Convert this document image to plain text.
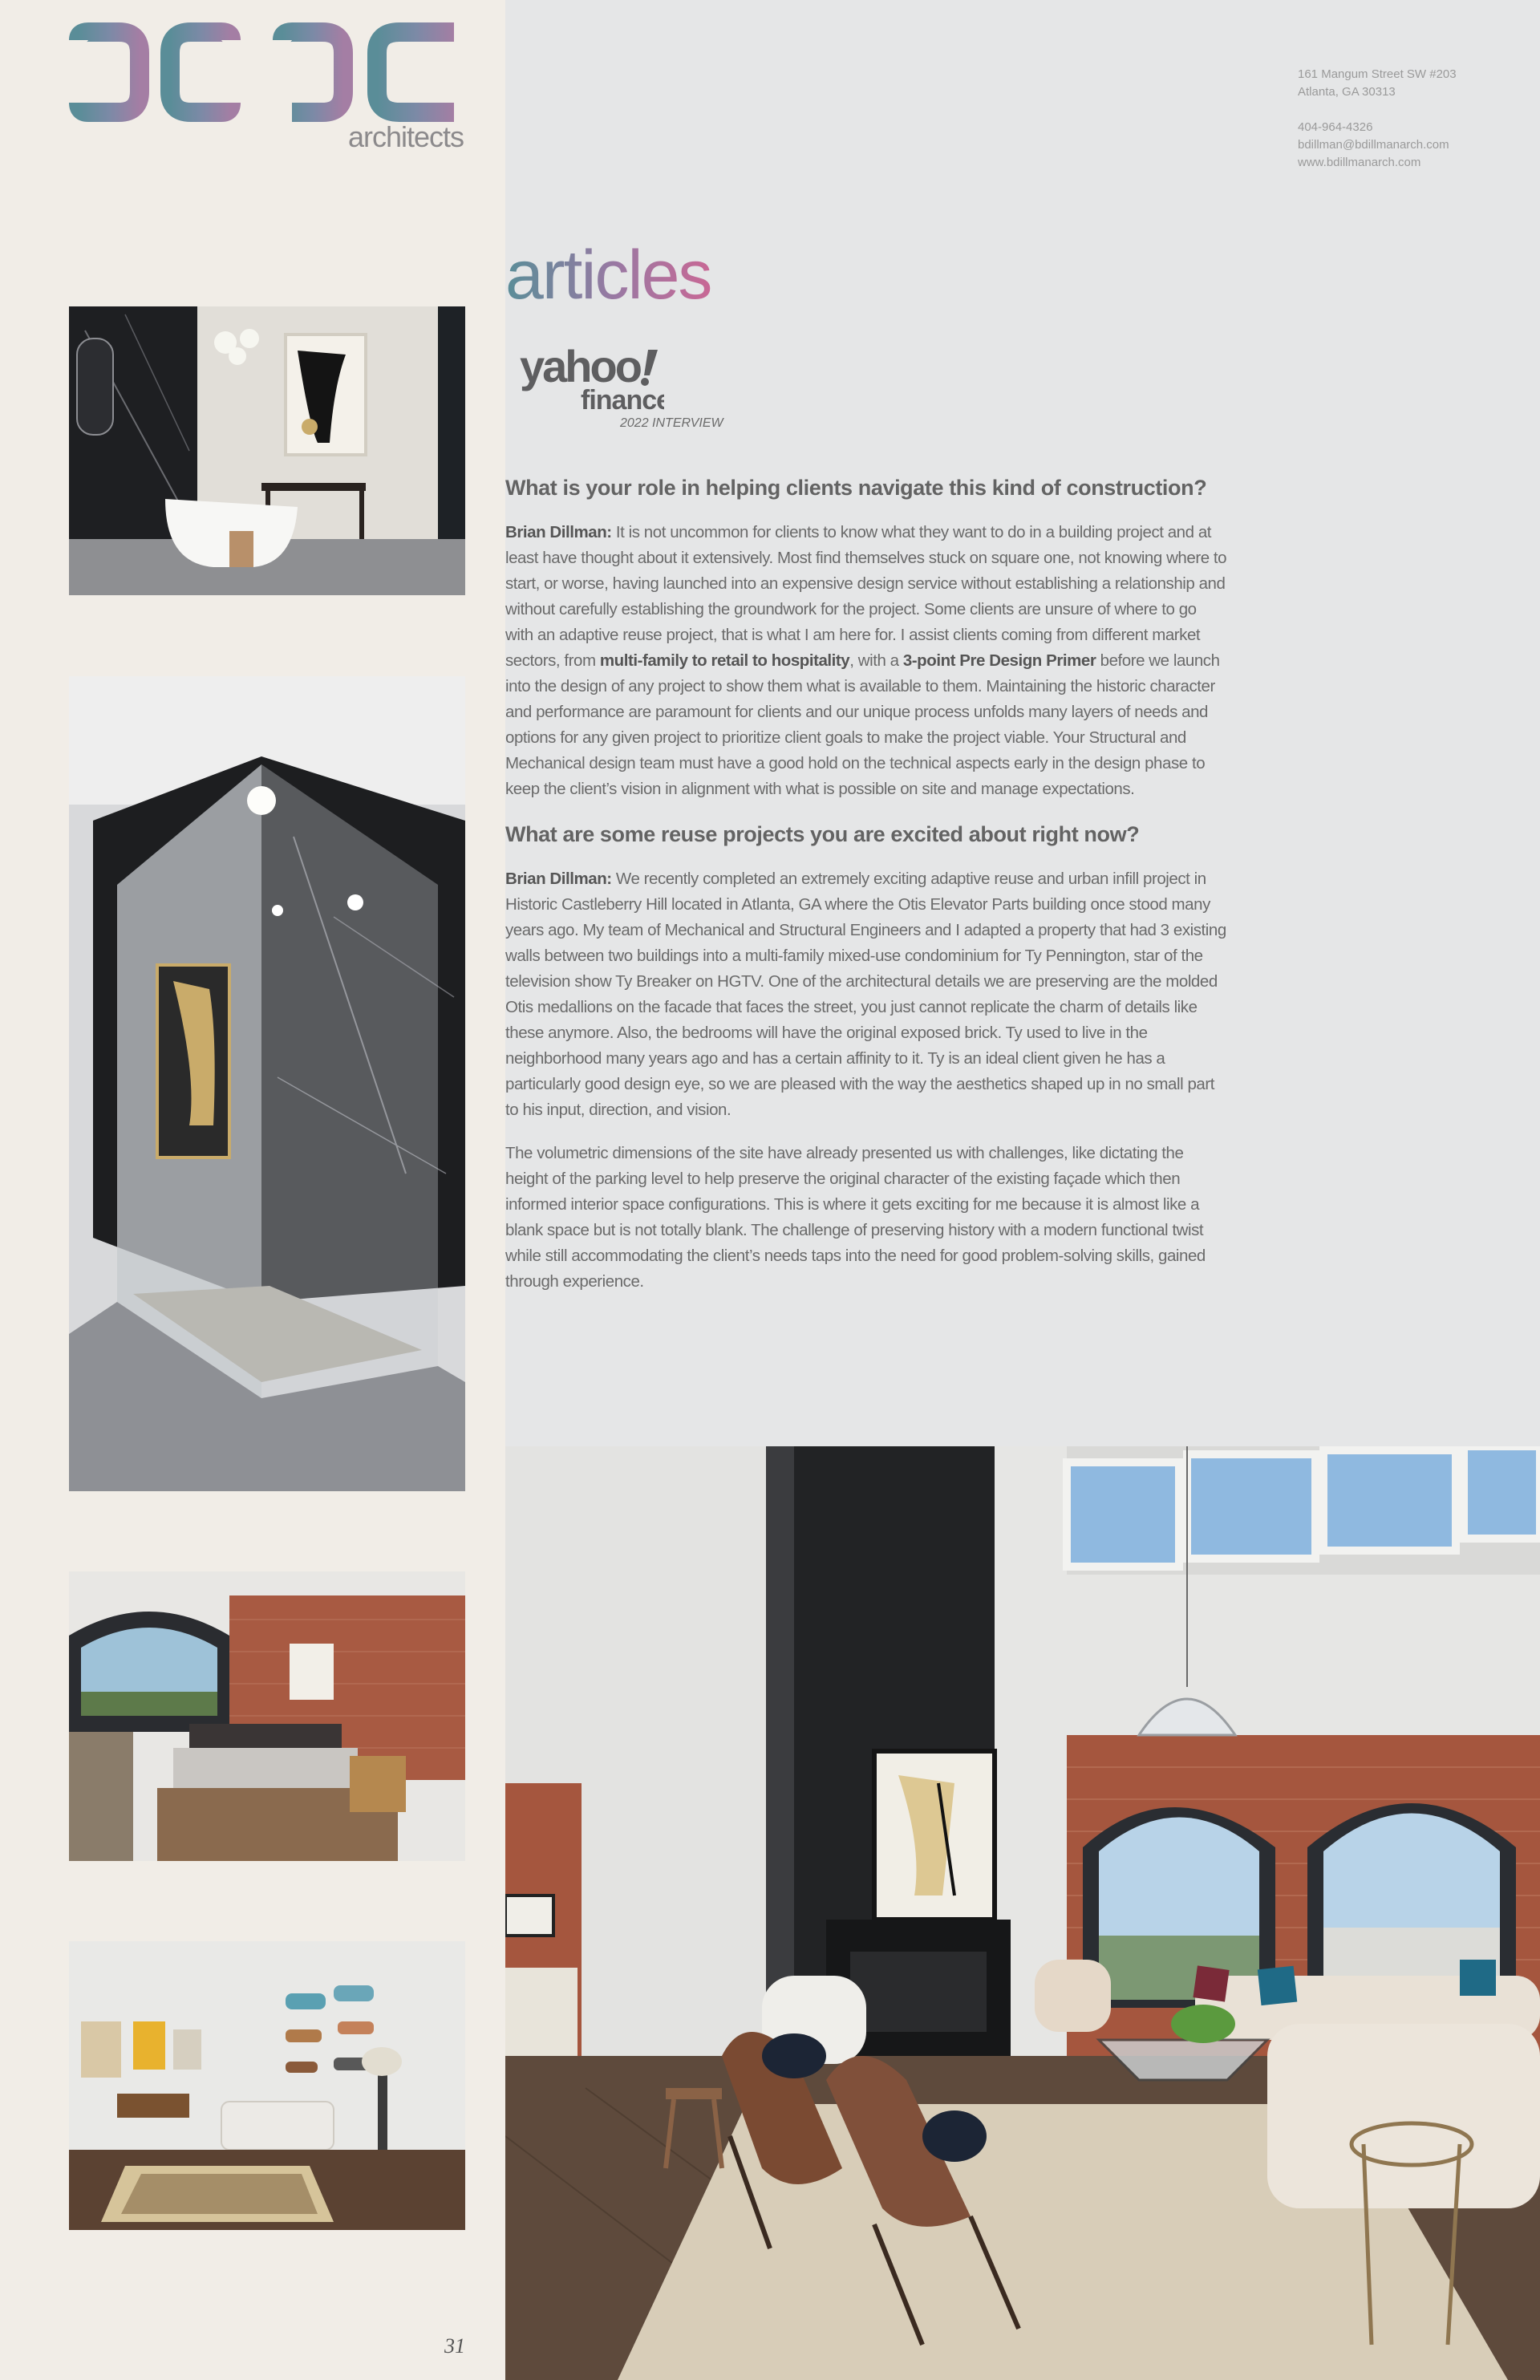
architects
31
161 Mangum Street SW #203
Atlanta, GA 30313
404-964-4326
bdillman@bdillmanarch.com
www.bdillmanarch.com
articles
yahoo
finance
2022 INTERVIEW
What is your role in helping clients navigate this kind of construction?

Brian Dillman: It is not uncommon for clients to know what they want to do in a building project and at least have thought about it extensively. Most find themselves stuck on square one, not knowing where to start, or worse, having launched into an expensive design service without establishing a relationship and without carefully establishing the groundwork for the project. Some clients are unsure of where to go with an adaptive reuse project, that is what I am here for. I assist clients coming from different market sectors, from multi-family to retail to hospitality, with a 3-point Pre Design Primer before we launch into the design of any project to show them what is available to them. Maintaining the historic character and performance are paramount for clients and our unique process unfolds many layers of needs and options for any given project to prioritize client goals to make the project viable. Your Structural and Mechanical design team must have a good hold on the technical aspects early in the design phase to keep the client’s vision in alignment with what is possible on site and manage expectations.

What are some reuse projects you are excited about right now?

Brian Dillman: We recently completed an extremely exciting adaptive reuse and urban infill project in Historic Castleberry Hill located in Atlanta, GA where the Otis Elevator Parts building once stood many years ago. My team of Mechanical and Structural Engineers and I adapted a property that had 3 existing walls between two buildings into a multi-family mixed-use condominium for Ty Pennington, star of the television show Ty Breaker on HGTV. One of the architectural details we are preserving are the molded Otis medallions on the facade that faces the street, you just cannot replicate the charm of details like these anymore. Also, the bedrooms will have the original exposed brick. Ty used to live in the neighborhood many years ago and has a certain affinity to it. Ty is an ideal client given he has a particularly good design eye, so we are pleased with the way the aesthetics shaped up in no small part to his input, direction, and vision.

The volumetric dimensions of the site have already presented us with challenges, like dictating the height of the parking level to help preserve the original character of the existing façade which then informed interior space configurations. This is where it gets exciting for me because it is almost like a blank space but is not totally blank. The challenge of preserving history with a modern functional twist while still accommodating the client’s needs taps into the need for good problem-solving skills, gained through experience.
